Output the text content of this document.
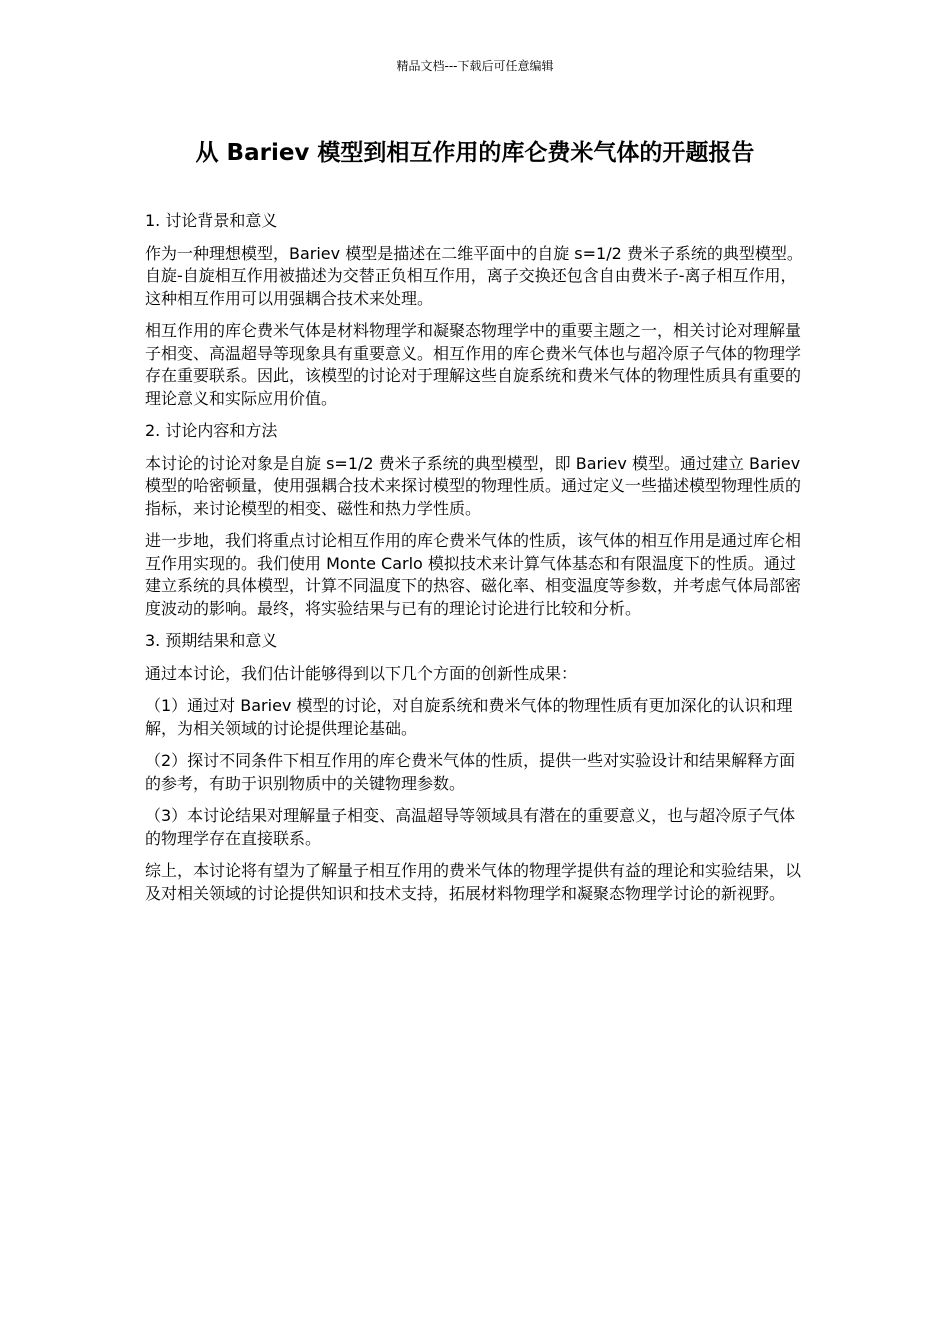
精品文档---下载后可任意编辑
从 Bariev 模型到相互作用的库仑费米气体的开题报告
1. 讨论背景和意义

作为一种理想模型，Bariev 模型是描述在二维平面中的自旋 s=1/2 费米子系统的典型模型。自旋-自旋相互作用被描述为交替正负相互作用，离子交换还包含自由费米子-离子相互作用，这种相互作用可以用强耦合技术来处理。

相互作用的库仑费米气体是材料物理学和凝聚态物理学中的重要主题之一，相关讨论对理解量子相变、高温超导等现象具有重要意义。相互作用的库仑费米气体也与超冷原子气体的物理学存在重要联系。因此，该模型的讨论对于理解这些自旋系统和费米气体的物理性质具有重要的理论意义和实际应用价值。

2. 讨论内容和方法

本讨论的讨论对象是自旋 s=1/2 费米子系统的典型模型，即 Bariev 模型。通过建立 Bariev 模型的哈密顿量，使用强耦合技术来探讨模型的物理性质。通过定义一些描述模型物理性质的指标，来讨论模型的相变、磁性和热力学性质。

进一步地，我们将重点讨论相互作用的库仑费米气体的性质，该气体的相互作用是通过库仑相互作用实现的。我们使用 Monte Carlo 模拟技术来计算气体基态和有限温度下的性质。通过建立系统的具体模型，计算不同温度下的热容、磁化率、相变温度等参数，并考虑气体局部密度波动的影响。最终，将实验结果与已有的理论讨论进行比较和分析。

3. 预期结果和意义

通过本讨论，我们估计能够得到以下几个方面的创新性成果：

（1）通过对 Bariev 模型的讨论，对自旋系统和费米气体的物理性质有更加深化的认识和理解，为相关领域的讨论提供理论基础。

（2）探讨不同条件下相互作用的库仑费米气体的性质，提供一些对实验设计和结果解释方面的参考，有助于识别物质中的关键物理参数。

（3）本讨论结果对理解量子相变、高温超导等领域具有潜在的重要意义，也与超冷原子气体的物理学存在直接联系。

综上，本讨论将有望为了解量子相互作用的费米气体的物理学提供有益的理论和实验结果，以及对相关领域的讨论提供知识和技术支持，拓展材料物理学和凝聚态物理学讨论的新视野。
